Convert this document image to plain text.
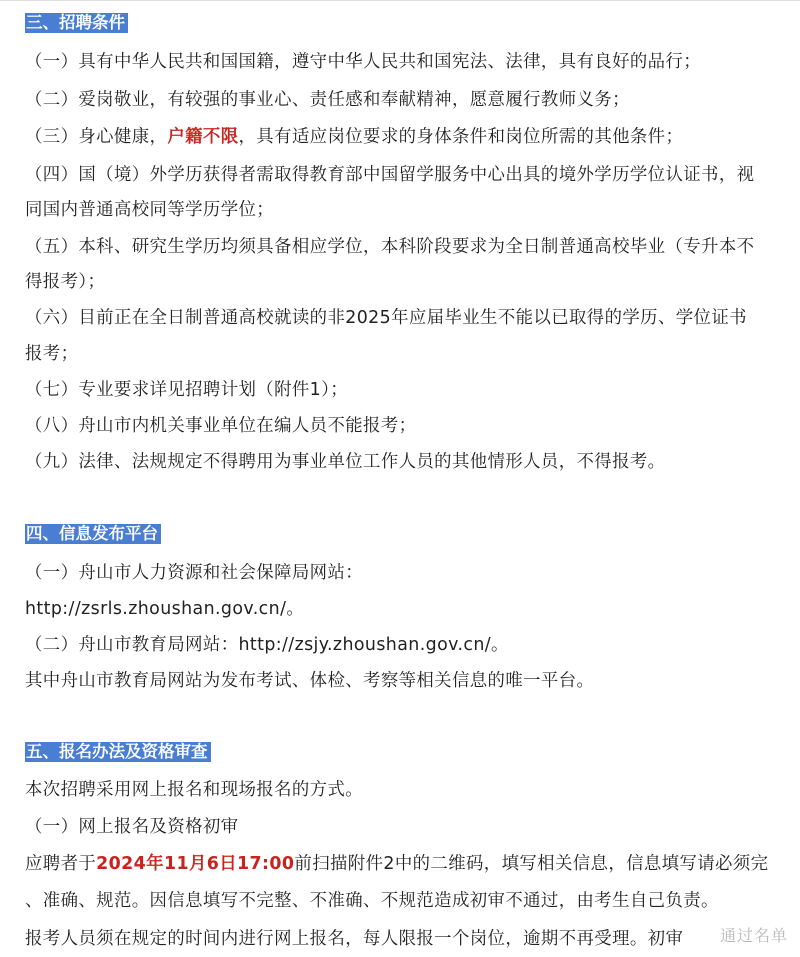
三、招聘条件
（一）具有中华人民共和国国籍，遵守中华人民共和国宪法、法律，具有良好的品行；
（二）爱岗敬业，有较强的事业心、责任感和奉献精神，愿意履行教师义务；
（三）身心健康，户籍不限，具有适应岗位要求的身体条件和岗位所需的其他条件；
（四）国（境）外学历获得者需取得教育部中国留学服务中心出具的境外学历学位认证书，视
同国内普通高校同等学历学位；
（五）本科、研究生学历均须具备相应学位，本科阶段要求为全日制普通高校毕业（专升本不
得报考）；
（六）目前正在全日制普通高校就读的非2025年应届毕业生不能以已取得的学历、学位证书
报考；
（七）专业要求详见招聘计划（附件1）；
（八）舟山市内机关事业单位在编人员不能报考；
（九）法律、法规规定不得聘用为事业单位工作人员的其他情形人员，不得报考。
四、信息发布平台
（一）舟山市人力资源和社会保障局网站：
http://zsrls.zhoushan.gov.cn/。
（二）舟山市教育局网站：http://zsjy.zhoushan.gov.cn/。
其中舟山市教育局网站为发布考试、体检、考察等相关信息的唯一平台。
五、报名办法及资格审查
本次招聘采用网上报名和现场报名的方式。
（一）网上报名及资格初审
应聘者于2024年11月6日17:00前扫描附件2中的二维码，填写相关信息，信息填写请必须完
、准确、规范。因信息填写不完整、不准确、不规范造成初审不通过，由考生自己负责。
报考人员须在规定的时间内进行网上报名，每人限报一个岗位，逾期不再受理。初审	通过名单
